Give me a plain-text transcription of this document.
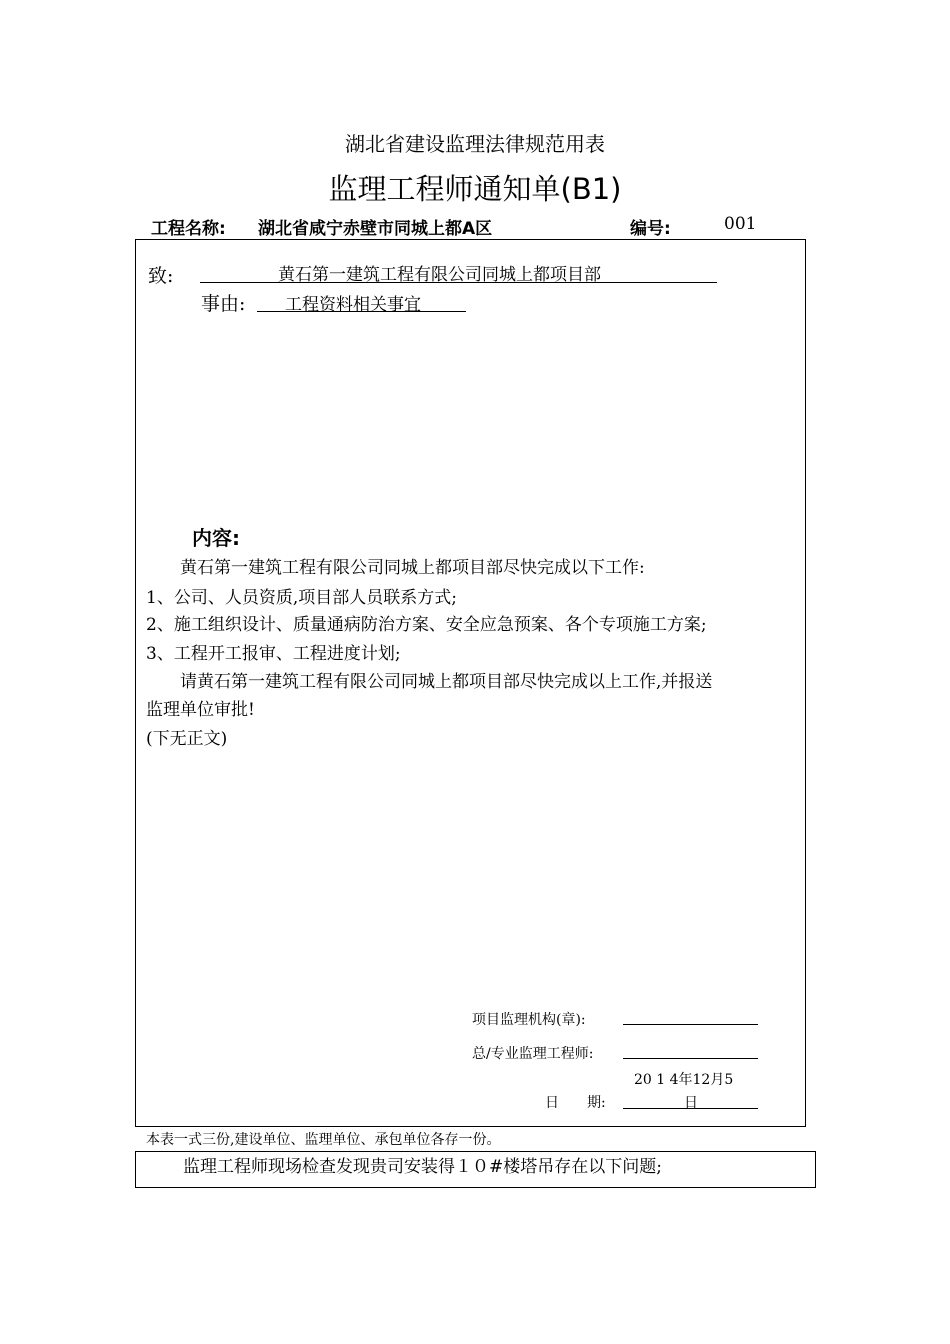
湖北省建设监理法律规范用表
监理工程师通知单(B1)
工程名称: 湖北省咸宁赤壁市同城上都A区	编号:	001
致:	黄石第一建筑工程有限公司同城上都项目部
事由: 工程资料相关事宜
内容:
　　黄石第一建筑工程有限公司同城上都项目部尽快完成以下工作:
1、公司、人员资质,项目部人员联系方式;
2、施工组织设计、质量通病防治方案、安全应急预案、各个专项施工方案;
3、工程开工报审、工程进度计划;
　　请黄石第一建筑工程有限公司同城上都项目部尽快完成以上工作,并报送
监理单位审批!
(下无正文)
项目监理机构(章):
总/专业监理工程师:
20 1 4年12月5
日　　期:	日
本表一式三份,建设单位、监理单位、承包单位各存一份。
监理工程师现场检查发现贵司安装得１０#楼塔吊存在以下问题;
